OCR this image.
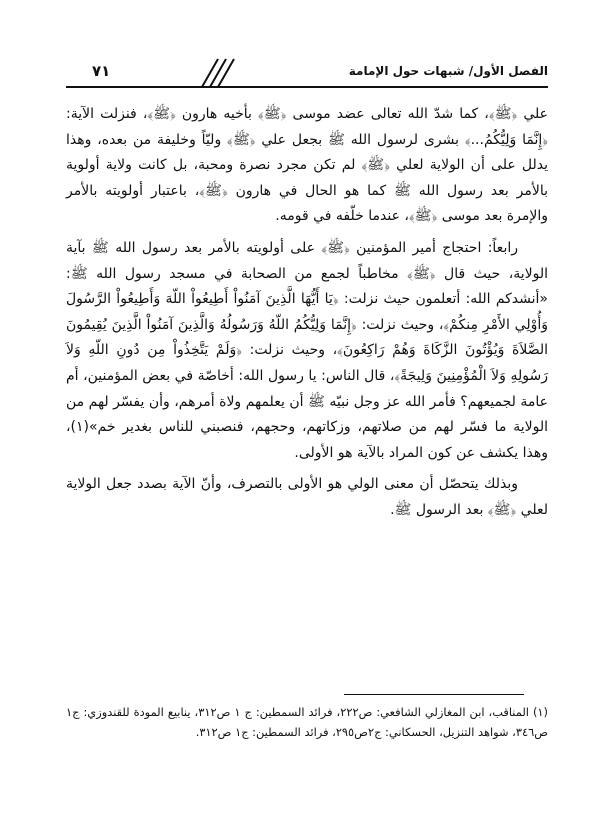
٧١	الفصل الأول/ شبهات حول الإمامة

علي ﴿ﷺ﴾، كما شدّ الله تعالى عضد موسى ﴿ﷺ﴾ بأخيه هارون ﴿ﷺ﴾، فنزلت الآية: ﴿إِنَّمَا وَلِيُّكُمُ...﴾ بشرى لرسول الله ﷺ بجعل علي ﴿ﷺ﴾ وليّاً وخليفة من بعده، وهذا يدلل على أن الولاية لعلي ﴿ﷺ﴾ لم تكن مجرد نصرة ومحبة، بل كانت ولاية أولوية بالأمر بعد رسول الله ﷺ كما هو الحال في هارون ﴿ﷺ﴾، باعتبار أولويته بالأمر والإمرة بعد موسى ﴿ﷺ﴾، عندما خلّفه في قومه.

رابعاً: احتجاج أمير المؤمنين ﴿ﷺ﴾ على أولويته بالأمر بعد رسول الله ﷺ بآية الولاية، حيث قال ﴿ﷺ﴾ مخاطباً لجمع من الصحابة في مسجد رسول الله ﷺ: «أنشدكم الله: أتعلمون حيث نزلت: ﴿يَا أَيُّهَا الَّذِينَ آمَنُواْ أَطِيعُواْ اللّهَ وَأَطِيعُواْ الرَّسُولَ وَأُوْلِي الأَمْرِ مِنكُمْ﴾، وحيث نزلت: ﴿إِنَّمَا وَلِيُّكُمُ اللّهُ وَرَسُولُهُ وَالَّذِينَ آمَنُواْ الَّذِينَ يُقِيمُونَ الصَّلاَةَ وَيُؤْتُونَ الزَّكَاةَ وَهُمْ رَاكِعُونَ﴾، وحيث نزلت: ﴿وَلَمْ يَتَّخِذُواْ مِن دُونِ اللّهِ وَلاَ رَسُولِهِ وَلاَ الْمُؤْمِنِينَ وَلِيجَةً﴾، قال الناس: يا رسول الله: أخاصّة في بعض المؤمنين، أم عامة لجميعهم؟ فأمر الله عز وجل نبيّه ﷺ أن يعلمهم ولاة أمرهم، وأن يفسّر لهم من الولاية ما فسّر لهم من صلاتهم، وزكاتهم، وحجهم، فنصبني للناس بغدير خم»(١)، وهذا يكشف عن كون المراد بالآية هو الأولى.

وبذلك يتحصّل أن معنى الولي هو الأولى بالتصرف، وأنّ الآية بصدد جعل الولاية لعلي ﴿ﷺ﴾ بعد الرسول ﷺ.

(١) المناقب، ابن المغازلي الشافعي: ص٢٢٢، فرائد السمطين: ج ١ ص٣١٢، ينابيع المودة للقندوزي: ج١ ص٣٤٦، شواهد التنزيل، الحسكاني: ج٢ص٢٩٥، فرائد السمطين: ج١ ص٣١٢.
